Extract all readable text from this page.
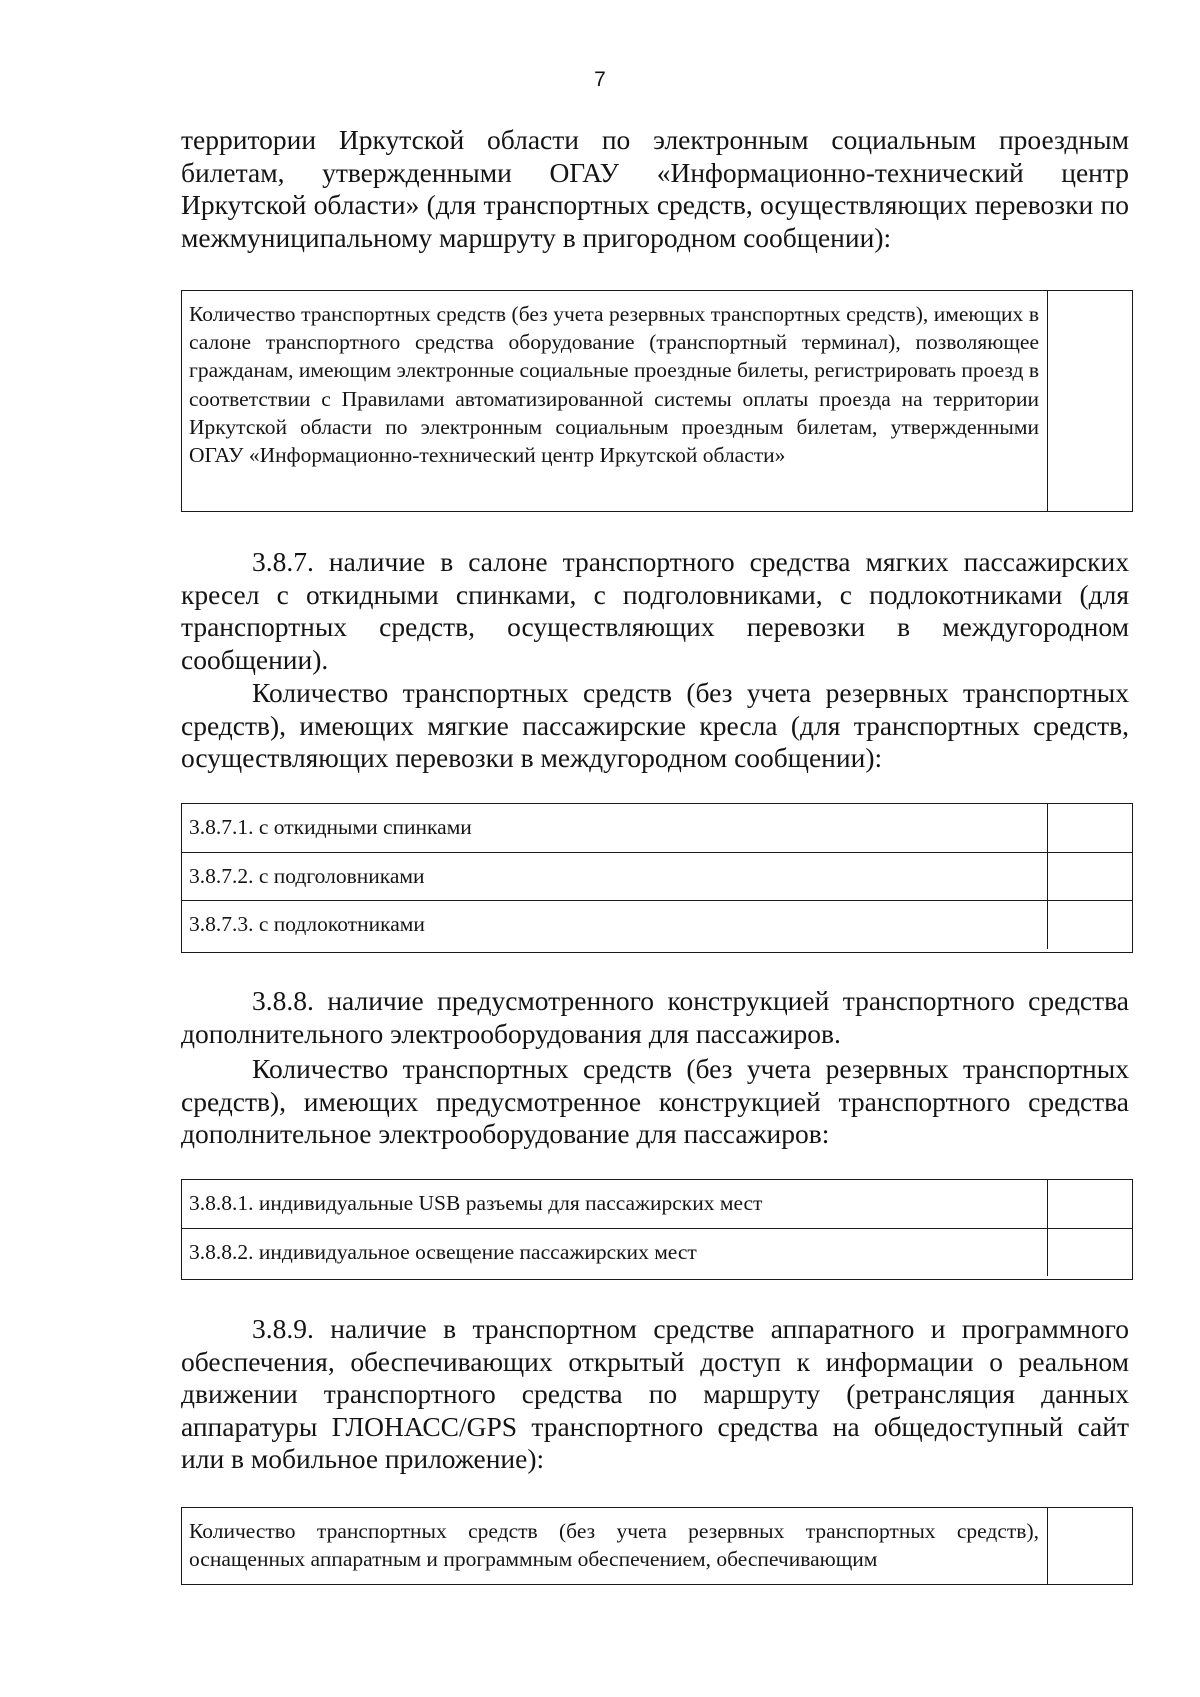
7

территории Иркутской области по электронным социальным проездным билетам, утвержденными ОГАУ «Информационно-технический центр Иркутской области» (для транспортных средств, осуществляющих перевозки по межмуниципальному маршруту в пригородном сообщении):

Количество транспортных средств (без учета резервных транспортных средств), имеющих в салоне транспортного средства оборудование (транспортный терминал), позволяющее гражданам, имеющим электронные социальные проездные билеты, регистрировать проезд в соответствии с Правилами автоматизированной системы оплаты проезда на территории Иркутской области по электронным социальным проездным билетам, утвержденными ОГАУ «Информационно-технический центр Иркутской области»

3.8.7. наличие в салоне транспортного средства мягких пассажирских кресел с откидными спинками, с подголовниками, с подлокотниками (для транспортных средств, осуществляющих перевозки в междугородном сообщении).

Количество транспортных средств (без учета резервных транспортных средств), имеющих мягкие пассажирские кресла (для транспортных средств, осуществляющих перевозки в междугородном сообщении):

3.8.7.1. с откидными спинками
3.8.7.2. с подголовниками
3.8.7.3. с подлокотниками

3.8.8. наличие предусмотренного конструкцией транспортного средства дополнительного электрооборудования для пассажиров.

Количество транспортных средств (без учета резервных транспортных средств), имеющих предусмотренное конструкцией транспортного средства дополнительное электрооборудование для пассажиров:

3.8.8.1. индивидуальные USB разъемы для пассажирских мест
3.8.8.2. индивидуальное освещение пассажирских мест

3.8.9. наличие в транспортном средстве аппаратного и программного обеспечения, обеспечивающих открытый доступ к информации о реальном движении транспортного средства по маршруту (ретрансляция данных аппаратуры ГЛОНАСС/GPS транспортного средства на общедоступный сайт или в мобильное приложение):

Количество транспортных средств (без учета резервных транспортных средств), оснащенных аппаратным и программным обеспечением, обеспечивающим
